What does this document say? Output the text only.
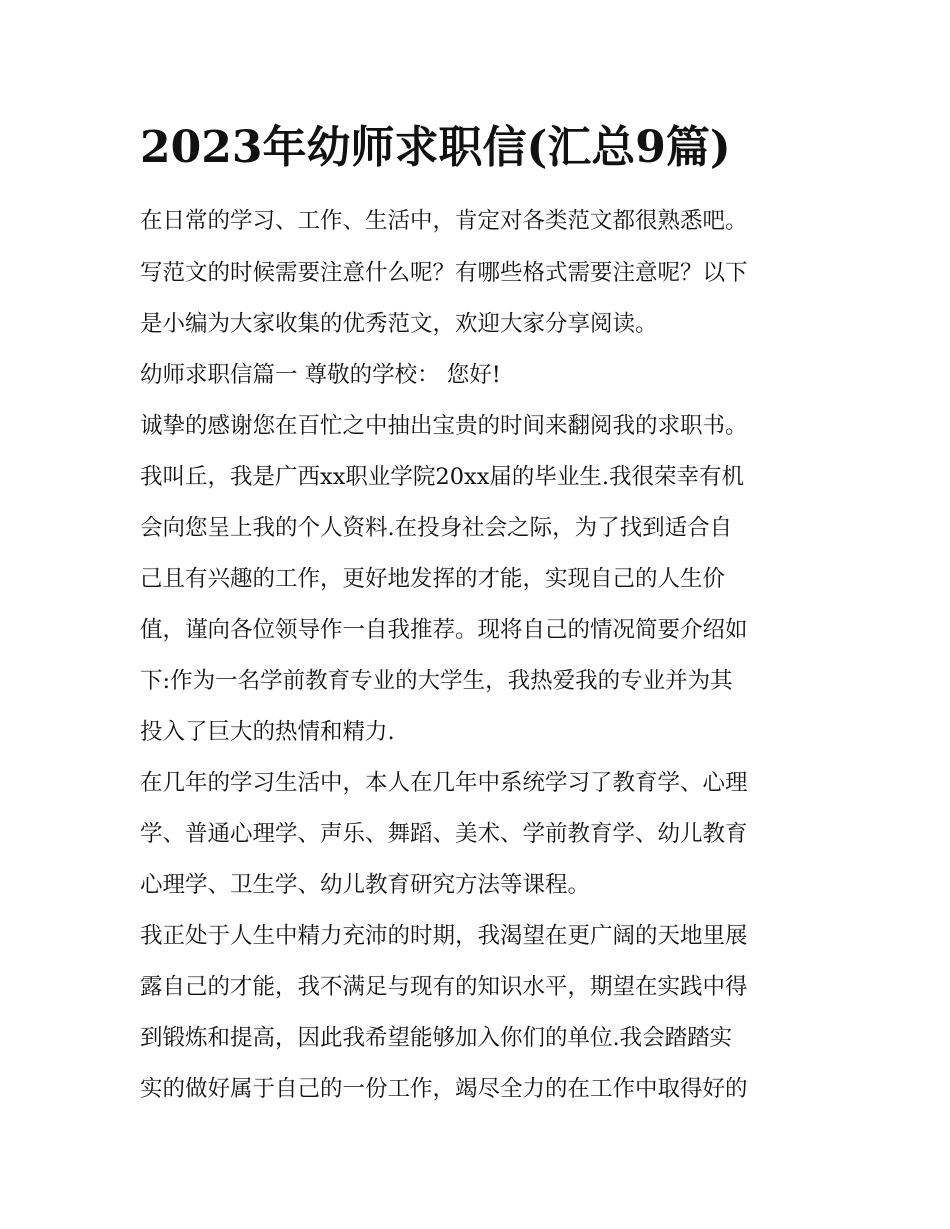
2023年幼师求职信(汇总9篇)

在日常的学习、工作、生活中，肯定对各类范文都很熟悉吧。

写范文的时候需要注意什么呢？有哪些格式需要注意呢？以下

是小编为大家收集的优秀范文，欢迎大家分享阅读。

幼师求职信篇一 尊敬的学校： 您好!

诚挚的感谢您在百忙之中抽出宝贵的时间来翻阅我的求职书。

我叫丘，我是广西xx职业学院20xx届的毕业生.我很荣幸有机

会向您呈上我的个人资料.在投身社会之际，为了找到适合自

己且有兴趣的工作，更好地发挥的才能，实现自己的人生价

值，谨向各位领导作一自我推荐。现将自己的情况简要介绍如

下:作为一名学前教育专业的大学生，我热爱我的专业并为其

投入了巨大的热情和精力.

在几年的学习生活中，本人在几年中系统学习了教育学、心理

学、普通心理学、声乐、舞蹈、美术、学前教育学、幼儿教育

心理学、卫生学、幼儿教育研究方法等课程。

我正处于人生中精力充沛的时期，我渴望在更广阔的天地里展

露自己的才能，我不满足与现有的知识水平，期望在实践中得

到锻炼和提高，因此我希望能够加入你们的单位.我会踏踏实

实的做好属于自己的一份工作，竭尽全力的在工作中取得好的
